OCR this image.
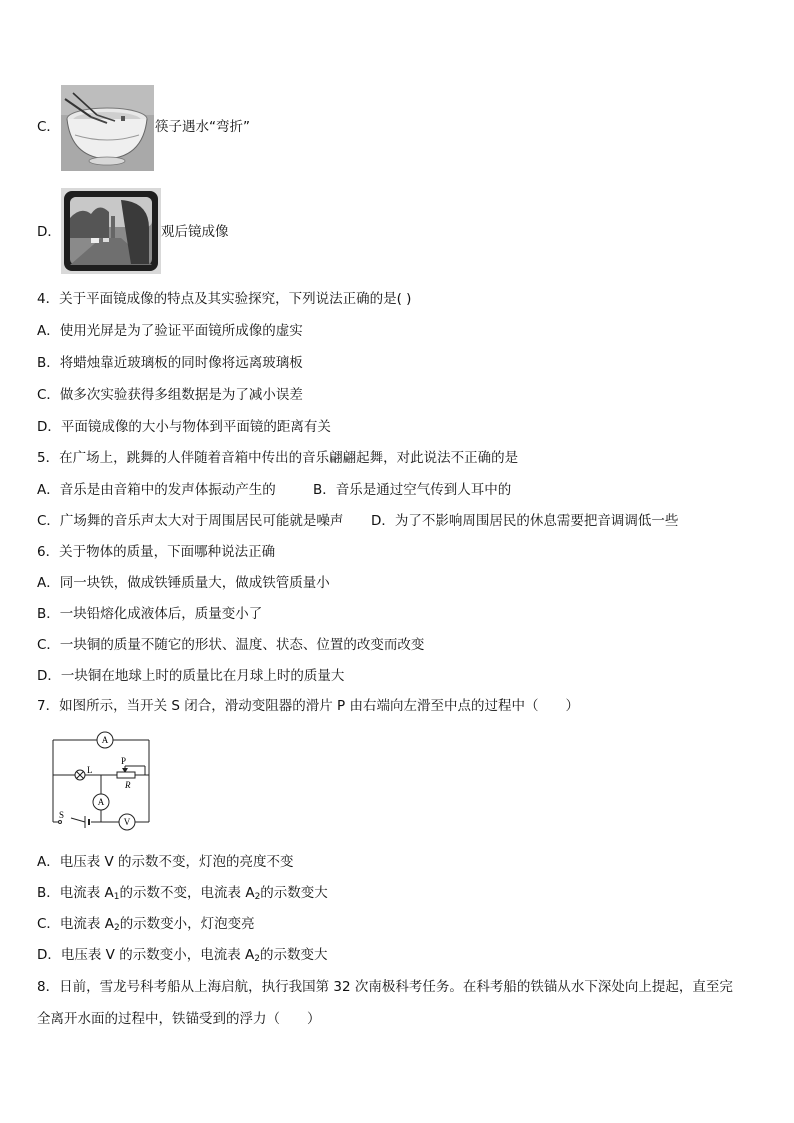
C．	筷子遇水“弯折”
D．	观后镜成像
4．关于平面镜成像的特点及其实验探究，下列说法正确的是( )
A．使用光屏是为了验证平面镜所成像的虚实
B．将蜡烛靠近玻璃板的同时像将远离玻璃板
C．做多次实验获得多组数据是为了减小误差
D．平面镜成像的大小与物体到平面镜的距离有关
5．在广场上，跳舞的人伴随着音箱中传出的音乐翩翩起舞，对此说法不正确的是
A．音乐是由音箱中的发声体振动产生的	B．音乐是通过空气传到人耳中的
C．广场舞的音乐声太大对于周围居民可能就是噪声 D．为了不影响周围居民的休息需要把音调调低一些
6．关于物体的质量，下面哪种说法正确
A．同一块铁，做成铁锤质量大，做成铁管质量小
B．一块铅熔化成液体后，质量变小了
C．一块铜的质量不随它的形状、温度、状态、位置的改变而改变
D．一块铜在地球上时的质量比在月球上时的质量大
7．如图所示，当开关 S 闭合，滑动变阻器的滑片 P 由右端向左滑至中点的过程中（　　）
A
L
P
R
A
S
V
A．电压表 V 的示数不变，灯泡的亮度不变
B．电流表 $A_1$的示数不变，电流表 $A_2$的示数变大
C．电流表 $A_2$的示数变小，灯泡变亮
D．电压表 V 的示数变小，电流表 $A_2$的示数变大
8．日前，雪龙号科考船从上海启航，执行我国第 32 次南极科考任务。在科考船的铁锚从水下深处向上提起，直至完
全离开水面的过程中，铁锚受到的浮力（　　）
